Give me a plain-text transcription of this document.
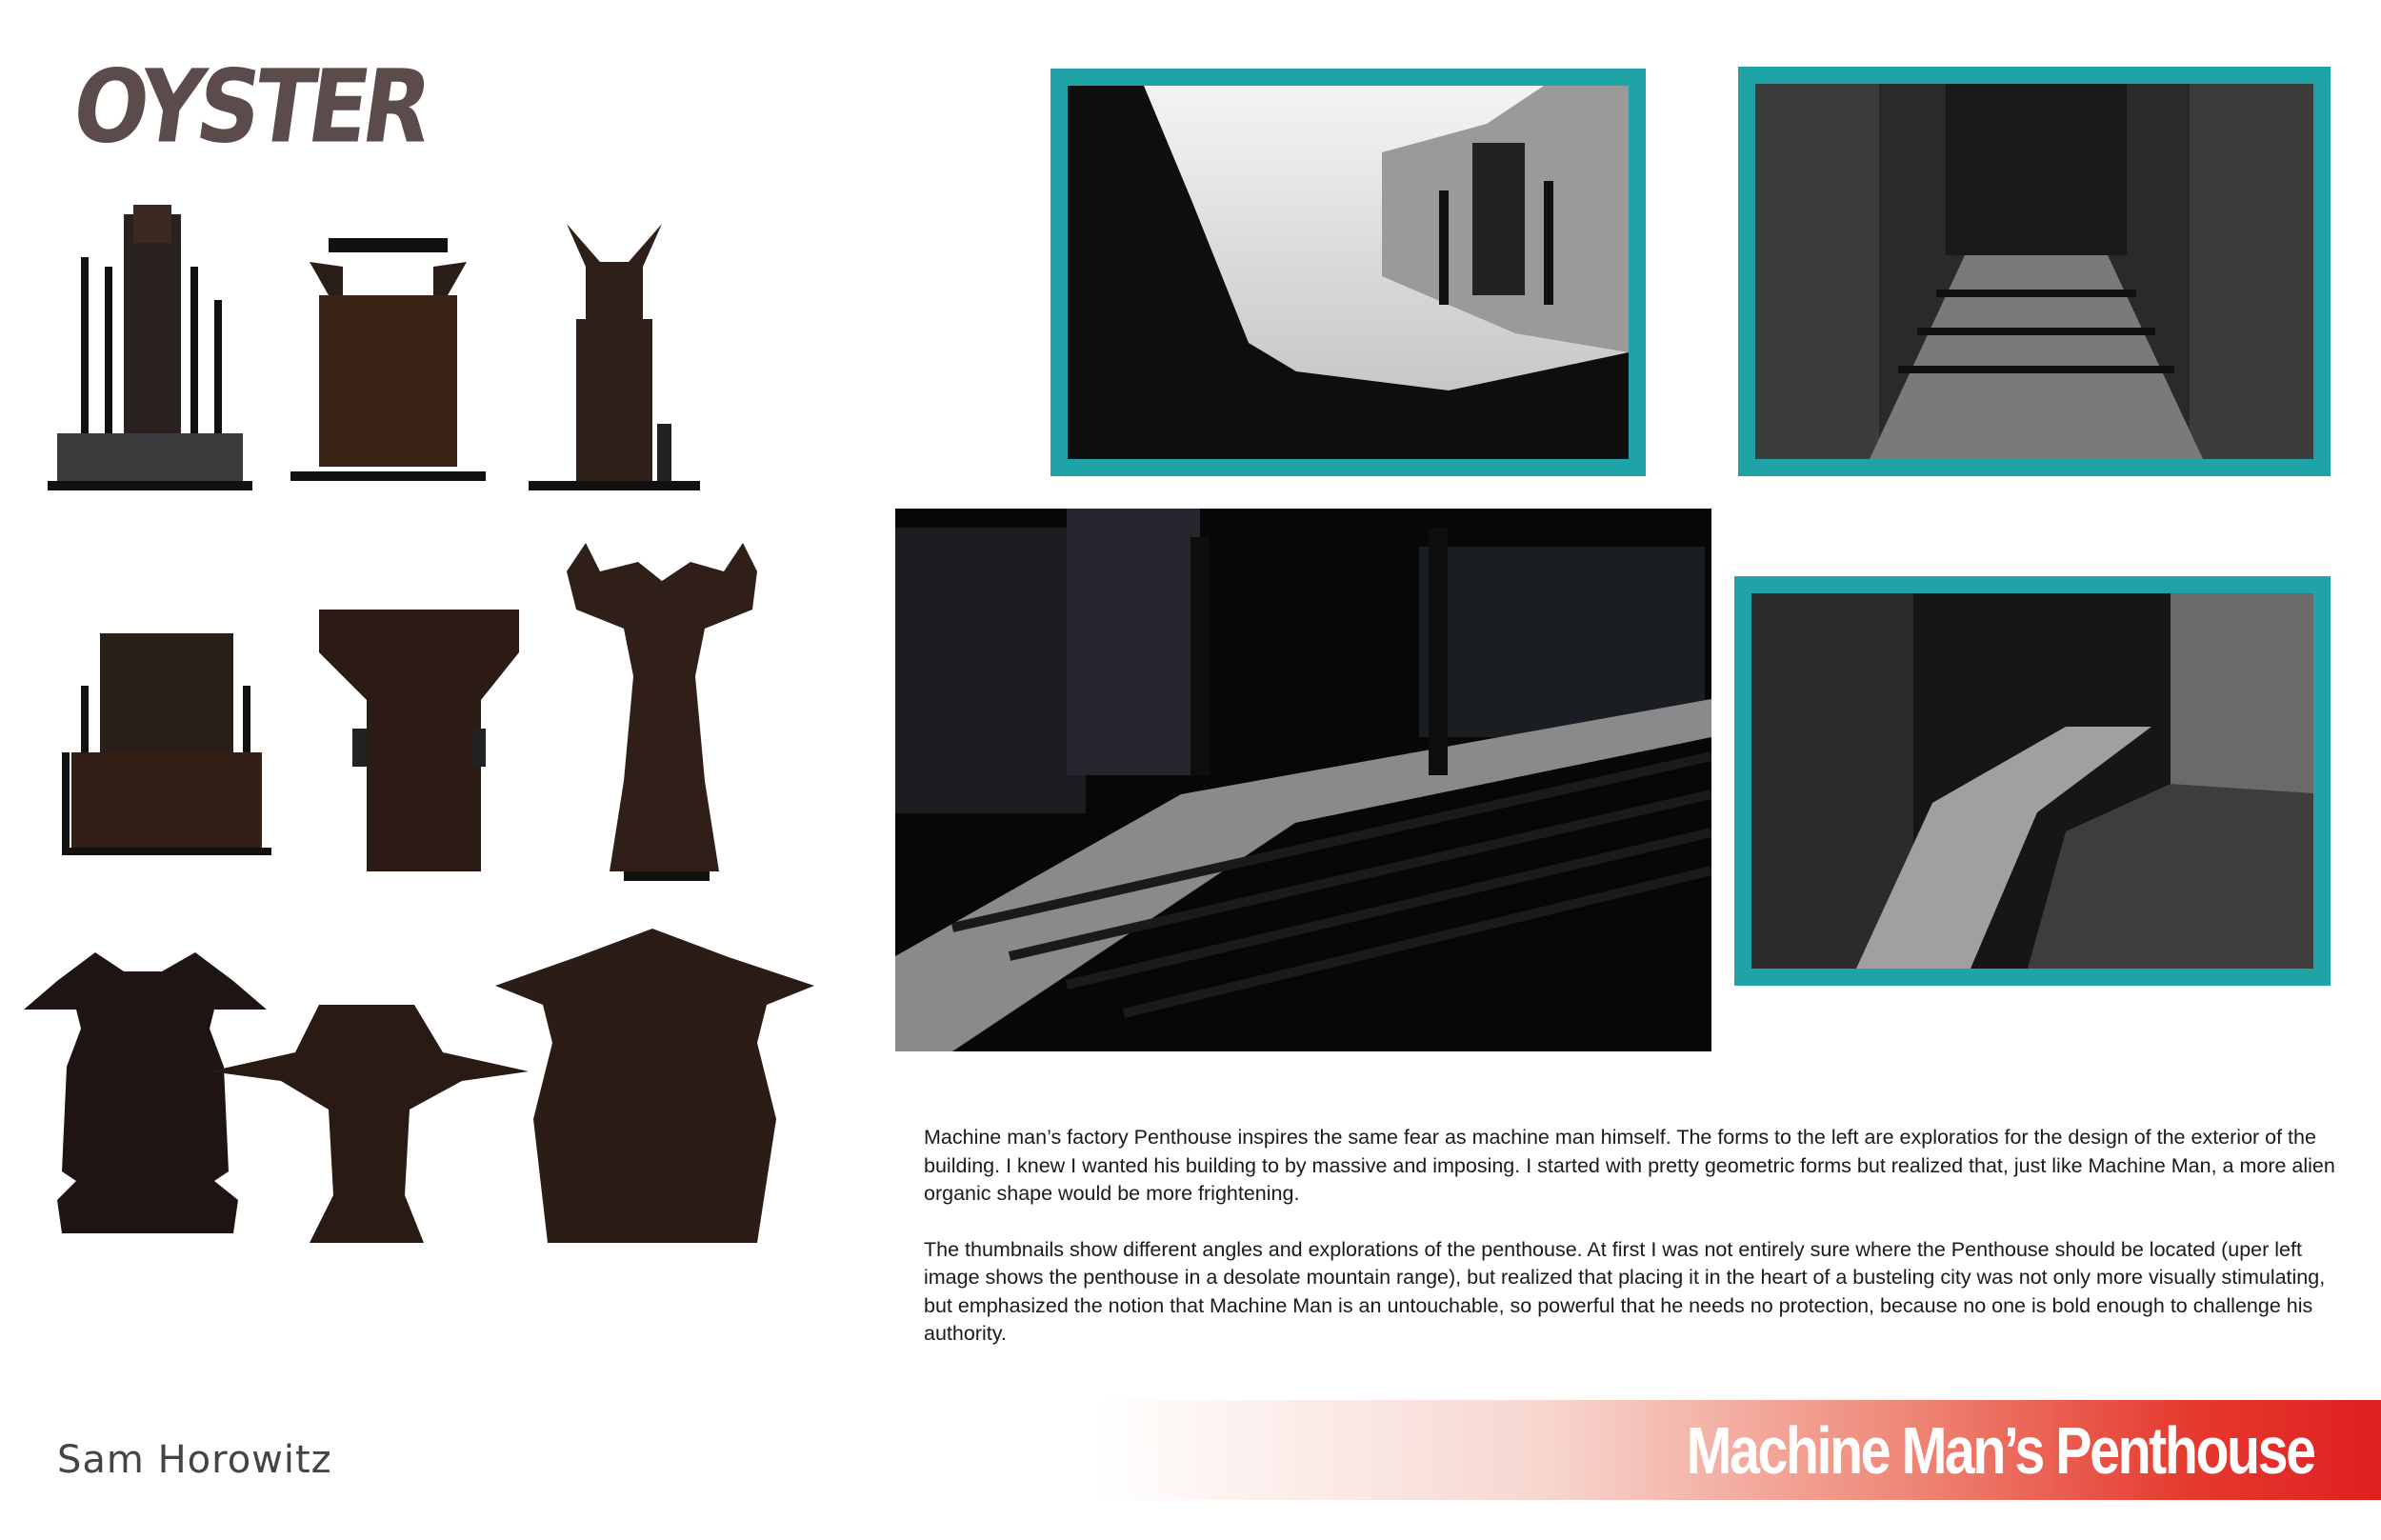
OYSTER

Machine man’s factory Penthouse inspires the same fear as machine man himself. The forms to the left are exploratios for the design of the exterior of the building. I knew I wanted his building to by massive and imposing. I started with pretty geometric forms but realized that, just like Machine Man, a more alien organic shape would be more frightening.

The thumbnails show different angles and explorations of the penthouse. At first I was not entirely sure where the Penthouse should be located (uper left image shows the penthouse in a desolate mountain range), but realized that placing it in the heart of a busteling city was not only more visually stimulating, but emphasized the notion that Machine Man is an untouchable, so powerful that he needs no protection, because no one is bold enough to challenge his authority.

Sam Horowitz	Machine Man’s Penthouse
